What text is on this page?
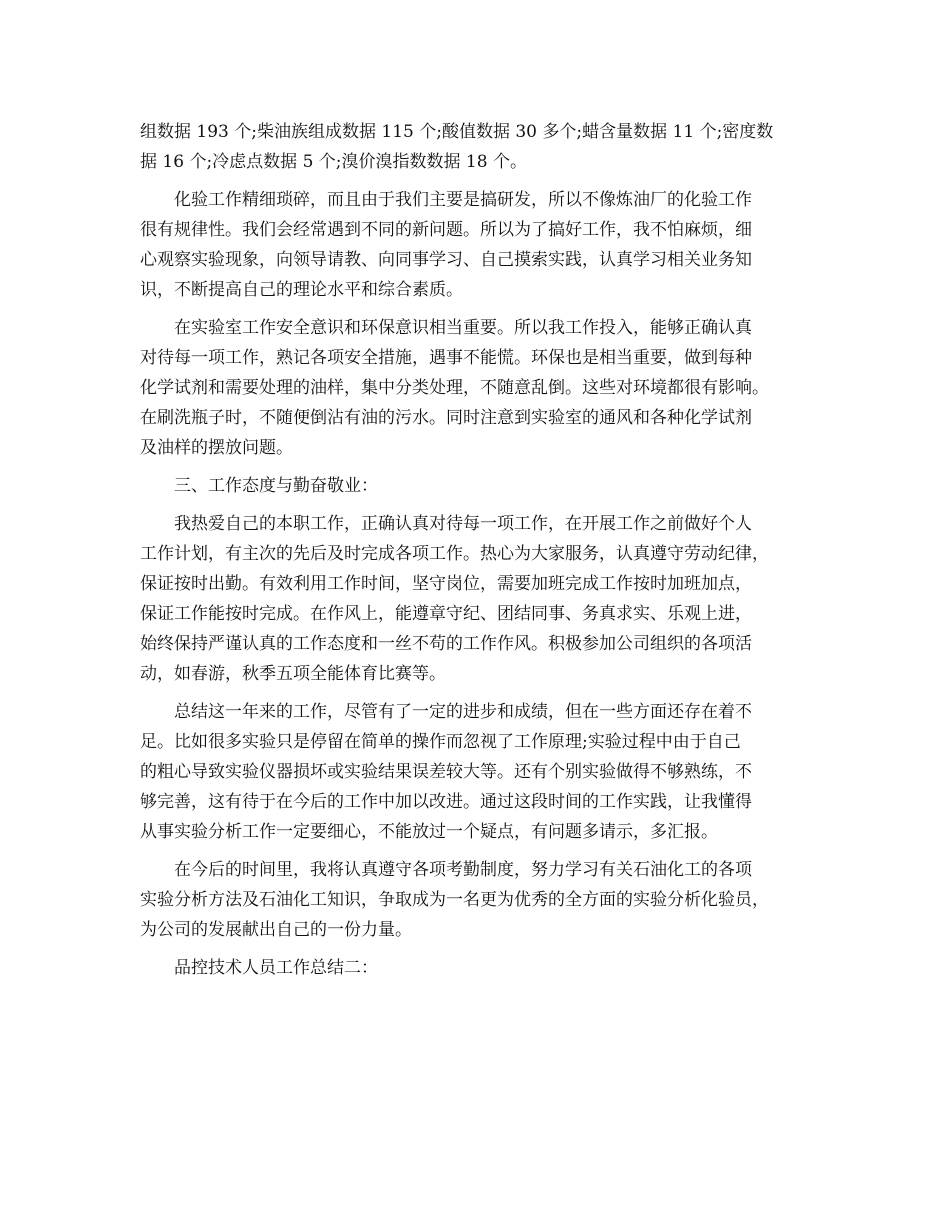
组数据 193 个;柴油族组成数据 115 个;酸值数据 30 多个;蜡含量数据 11 个;密度数
据 16 个;冷虑点数据 5 个;溴价溴指数数据 18 个。
化验工作精细琐碎，而且由于我们主要是搞研发，所以不像炼油厂的化验工作
很有规律性。我们会经常遇到不同的新问题。所以为了搞好工作，我不怕麻烦，细
心观察实验现象，向领导请教、向同事学习、自己摸索实践，认真学习相关业务知
识，不断提高自己的理论水平和综合素质。
在实验室工作安全意识和环保意识相当重要。所以我工作投入，能够正确认真
对待每一项工作，熟记各项安全措施，遇事不能慌。环保也是相当重要，做到每种
化学试剂和需要处理的油样，集中分类处理，不随意乱倒。这些对环境都很有影响。
在刷洗瓶子时，不随便倒沾有油的污水。同时注意到实验室的通风和各种化学试剂
及油样的摆放问题。
三、工作态度与勤奋敬业：
我热爱自己的本职工作，正确认真对待每一项工作，在开展工作之前做好个人
工作计划，有主次的先后及时完成各项工作。热心为大家服务，认真遵守劳动纪律，
保证按时出勤。有效利用工作时间，坚守岗位，需要加班完成工作按时加班加点，
保证工作能按时完成。在作风上，能遵章守纪、团结同事、务真求实、乐观上进，
始终保持严谨认真的工作态度和一丝不苟的工作作风。积极参加公司组织的各项活
动，如春游，秋季五项全能体育比赛等。
总结这一年来的工作，尽管有了一定的进步和成绩，但在一些方面还存在着不
足。比如很多实验只是停留在简单的操作而忽视了工作原理;实验过程中由于自己
的粗心导致实验仪器损坏或实验结果误差较大等。还有个别实验做得不够熟练，不
够完善，这有待于在今后的工作中加以改进。通过这段时间的工作实践，让我懂得
从事实验分析工作一定要细心，不能放过一个疑点，有问题多请示，多汇报。
在今后的时间里，我将认真遵守各项考勤制度，努力学习有关石油化工的各项
实验分析方法及石油化工知识，争取成为一名更为优秀的全方面的实验分析化验员，
为公司的发展献出自己的一份力量。
品控技术人员工作总结二：
